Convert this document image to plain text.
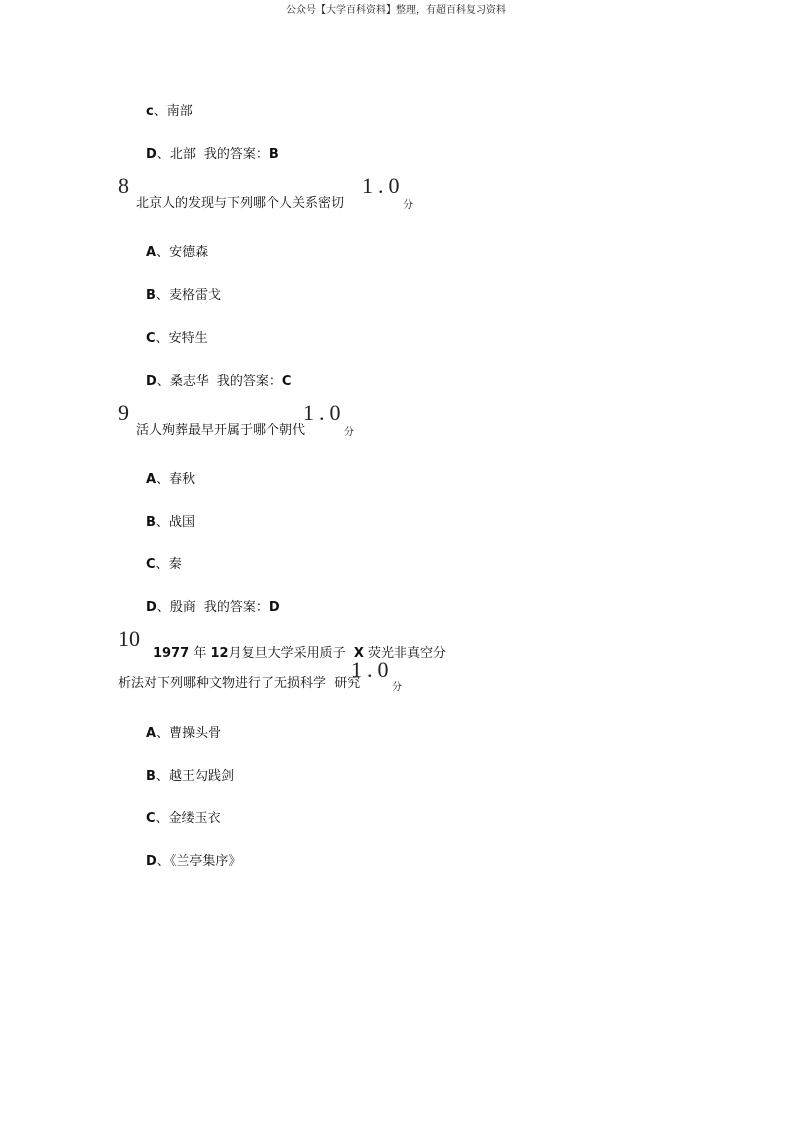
公众号【大学百科资料】整理，有超百科复习资料
c、南部
D、北部 我的答案：B
8
北京人的发现与下列哪个人关系密切
1.0
分
A、安德森
B、麦格雷戈
C、安特生
D、桑志华 我的答案：C
9
活人殉葬最早开属于哪个朝代
1.0
分
A、春秋
B、战国
C、秦
D、殷商 我的答案：D
10
1977 年 12月复旦大学采用质子 X 荧光非真空分
析法对下列哪种文物进行了无损科学 研究
1.0
分
A、曹操头骨
B、越王勾践剑
C、金缕玉衣
D、《兰亭集序》
